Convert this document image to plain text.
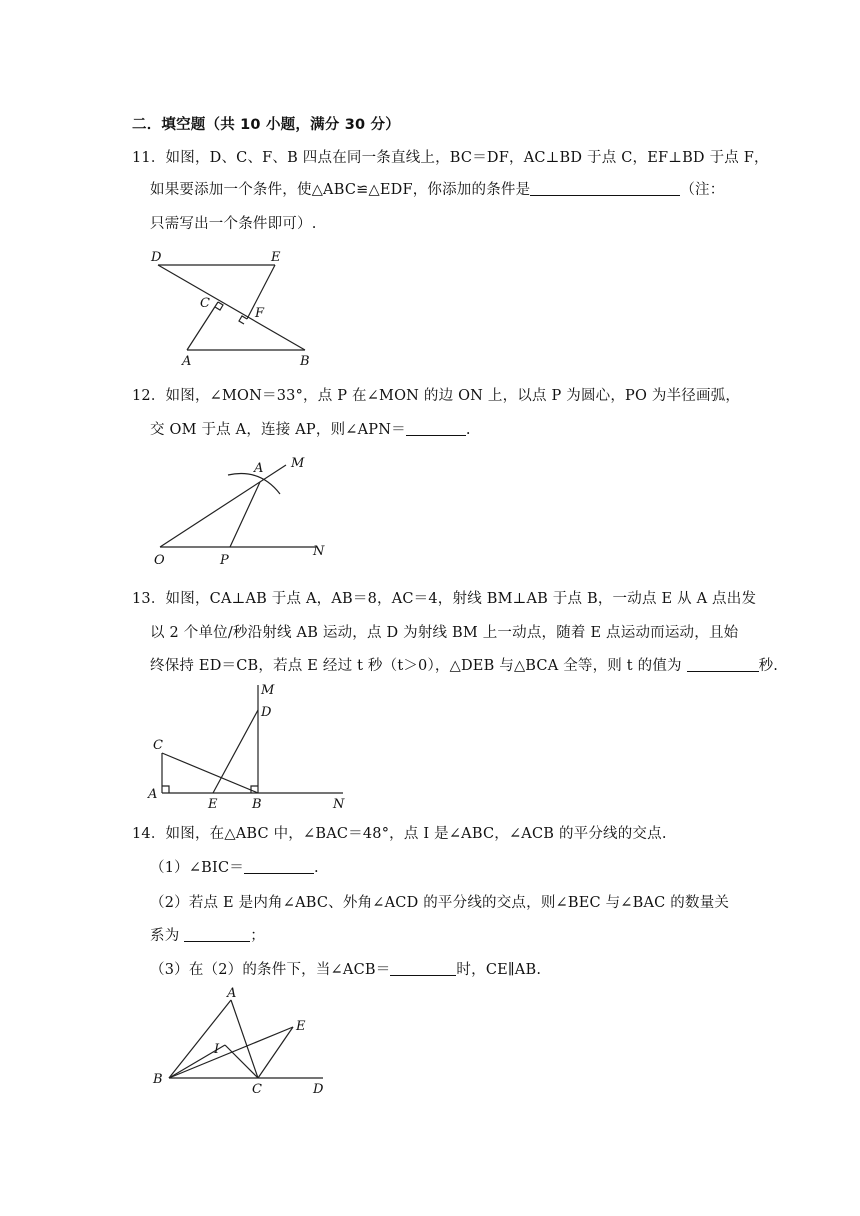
二．填空题（共 10 小题，满分 30 分）
11．如图，D、C、F、B 四点在同一条直线上，BC＝DF，AC⊥BD 于点 C，EF⊥BD 于点 F，
如果要添加一个条件，使△ABC≌△EDF，你添加的条件是	（注：
只需写出一个条件即可）.
D	E
C
F
A	B
12．如图，∠MON＝33°，点 P 在∠MON 的边 ON 上，以点 P 为圆心，PO 为半径画弧，
交 OM 于点 A，连接 AP，则∠APN＝	.
A M
O	P
N
13．如图，CA⊥AB 于点 A，AB＝8，AC＝4，射线 BM⊥AB 于点 B，一动点 E 从 A 点出发
以 2 个单位/秒沿射线 AB 运动，点 D 为射线 BM 上一动点，随着 E 点运动而运动，且始
终保持 ED＝CB，若点 E 经过 t 秒（t＞0），△DEB 与△BCA 全等，则 t 的值为	秒.
M
D
C
A
E	B	N
14．如图，在△ABC 中，∠BAC＝48°，点 I 是∠ABC，∠ACB 的平分线的交点.
（1）∠BIC＝	.
（2）若点 E 是内角∠ABC、外角∠ACD 的平分线的交点，则∠BEC 与∠BAC 的数量关
系为	；
（3）在（2）的条件下，当∠ACB＝	时，CE∥AB.
A
E
I
B
C	D
